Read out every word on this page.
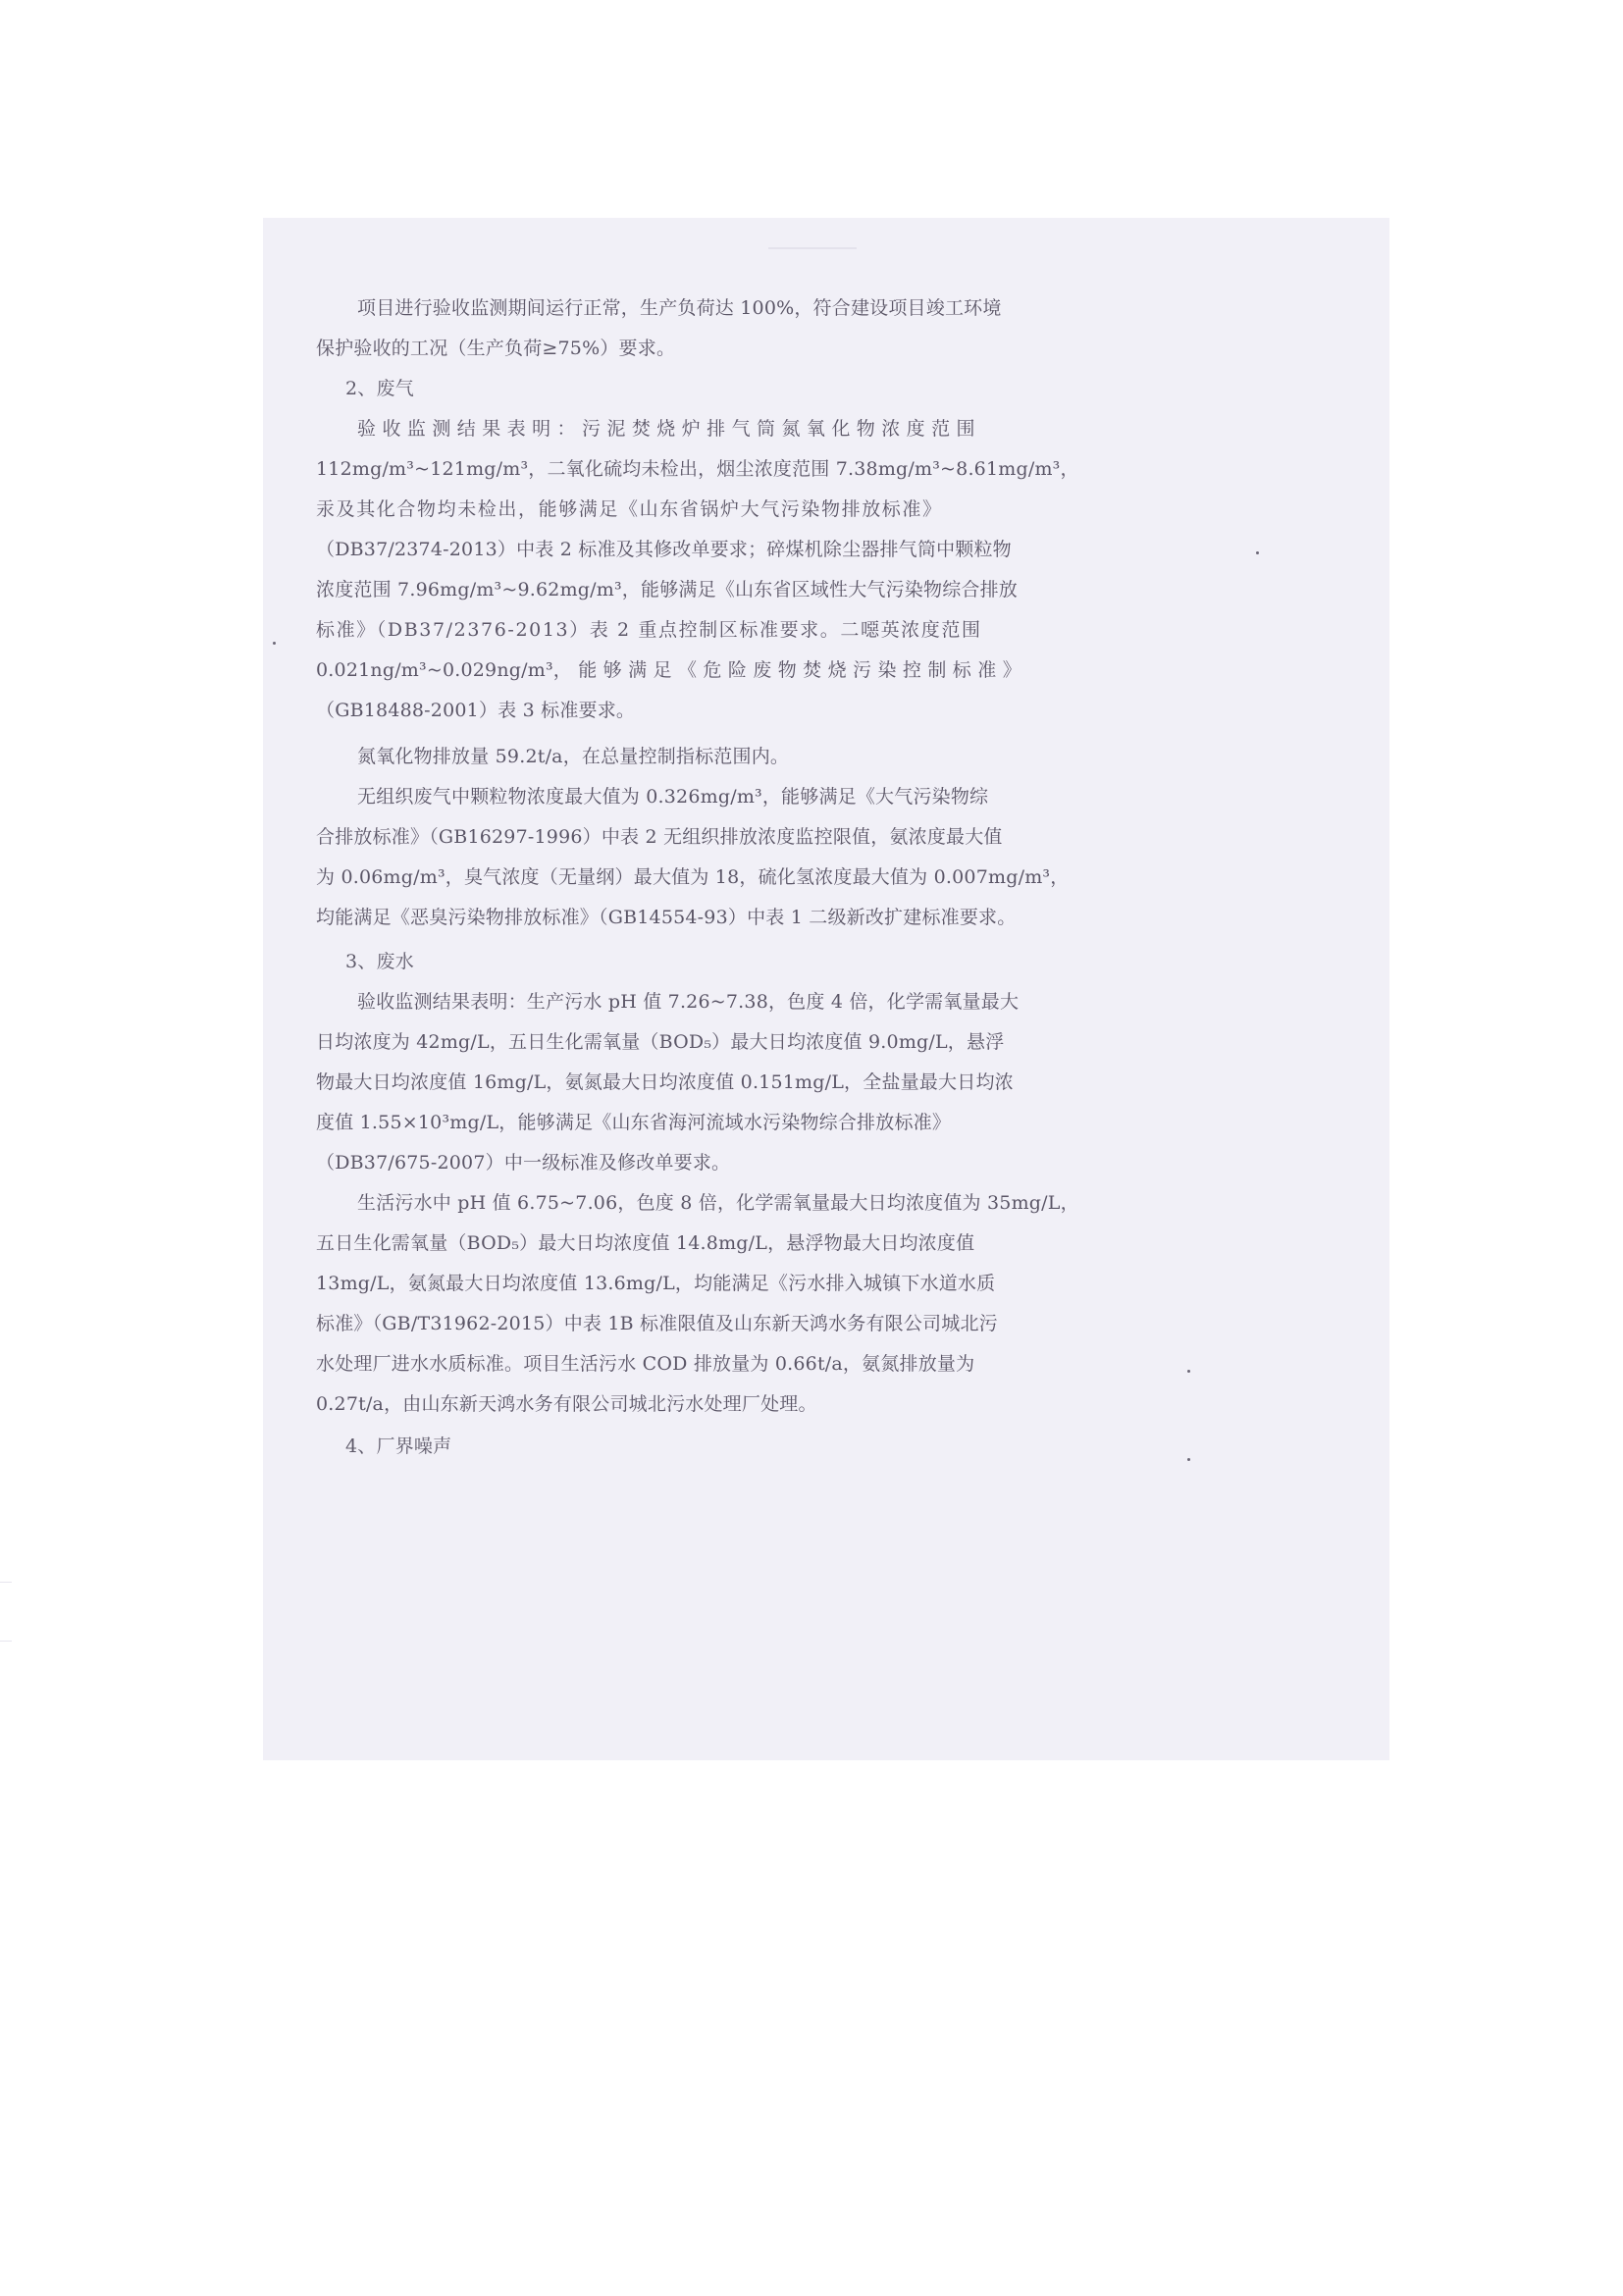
项目进行验收监测期间运行正常，生产负荷达 100%，符合建设项目竣工环境
保护验收的工况（生产负荷≥75%）要求。
2、废气
验 收 监 测 结 果 表 明 ： 污 泥 焚 烧 炉 排 气 筒 氮 氧 化 物 浓 度 范 围
112mg/m³~121mg/m³，二氧化硫均未检出，烟尘浓度范围 7.38mg/m³~8.61mg/m³，
汞及其化合物均未检出，能够满足《山东省锅炉大气污染物排放标准》
（DB37/2374-2013）中表 2 标准及其修改单要求；碎煤机除尘器排气筒中颗粒物
浓度范围 7.96mg/m³~9.62mg/m³，能够满足《山东省区域性大气污染物综合排放
标准》（DB37/2376-2013）表 2 重点控制区标准要求。二噁英浓度范围
0.021ng/m³~0.029ng/m³， 能 够 满 足 《 危 险 废 物 焚 烧 污 染 控 制 标 准 》
（GB18488-2001）表 3 标准要求。
氮氧化物排放量 59.2t/a，在总量控制指标范围内。
无组织废气中颗粒物浓度最大值为 0.326mg/m³，能够满足《大气污染物综
合排放标准》（GB16297-1996）中表 2 无组织排放浓度监控限值，氨浓度最大值
为 0.06mg/m³，臭气浓度（无量纲）最大值为 18，硫化氢浓度最大值为 0.007mg/m³，
均能满足《恶臭污染物排放标准》（GB14554-93）中表 1 二级新改扩建标准要求。
3、废水
验收监测结果表明：生产污水 pH 值 7.26~7.38，色度 4 倍，化学需氧量最大
日均浓度为 42mg/L，五日生化需氧量（BOD₅）最大日均浓度值 9.0mg/L，悬浮
物最大日均浓度值 16mg/L，氨氮最大日均浓度值 0.151mg/L，全盐量最大日均浓
度值 1.55×10³mg/L，能够满足《山东省海河流域水污染物综合排放标准》
（DB37/675-2007）中一级标准及修改单要求。
生活污水中 pH 值 6.75~7.06，色度 8 倍，化学需氧量最大日均浓度值为 35mg/L，
五日生化需氧量（BOD₅）最大日均浓度值 14.8mg/L，悬浮物最大日均浓度值
13mg/L，氨氮最大日均浓度值 13.6mg/L，均能满足《污水排入城镇下水道水质
标准》（GB/T31962-2015）中表 1B 标准限值及山东新天鸿水务有限公司城北污
水处理厂进水水质标准。项目生活污水 COD 排放量为 0.66t/a，氨氮排放量为
0.27t/a，由山东新天鸿水务有限公司城北污水处理厂处理。
4、厂界噪声
